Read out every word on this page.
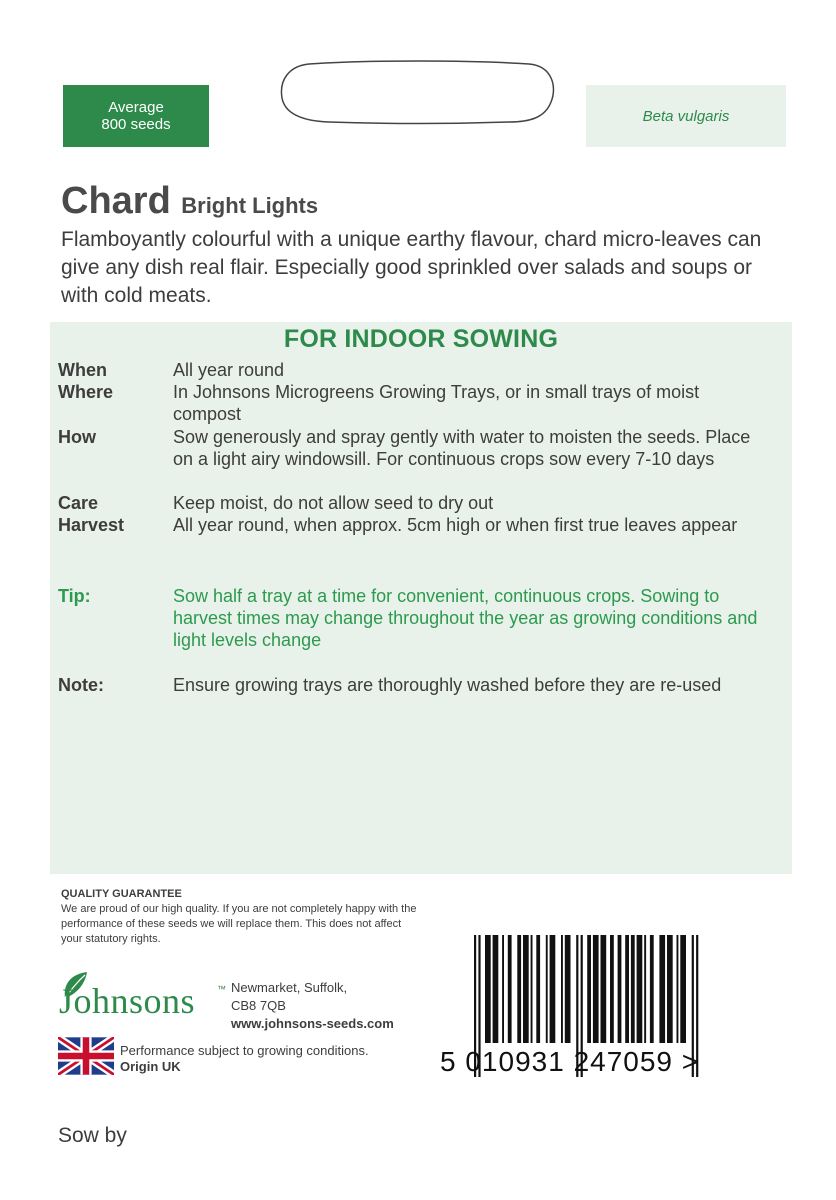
Average
800 seeds	Beta vulgaris
Chard Bright Lights
Flamboyantly colourful with a unique earthy flavour, chard micro-leaves can give any dish real flair. Especially good sprinkled over salads and soups or with cold meats.
FOR INDOOR SOWING
When	All year round
Where	In Johnsons Microgreens Growing Trays, or in small trays of moist compost
How	Sow generously and spray gently with water to moisten the seeds. Place on a light airy windowsill. For continuous crops sow every 7-10 days
Care	Keep moist, do not allow seed to dry out
Harvest	All year round, when approx. 5cm high or when first true leaves appear
Tip:	Sow half a tray at a time for convenient, continuous crops. Sowing to harvest times may change throughout the year as growing conditions and light levels change
Note:	Ensure growing trays are thoroughly washed before they are re-used
QUALITY GUARANTEE
We are proud of our high quality. If you are not completely happy with the performance of these seeds we will replace them. This does not affect your statutory rights.
Johnsons ™ Newmarket, Suffolk,
CB8 7QB
www.johnsons-seeds.com
Performance subject to growing conditions.
Origin UK	5 010931 247059 >
Sow by
